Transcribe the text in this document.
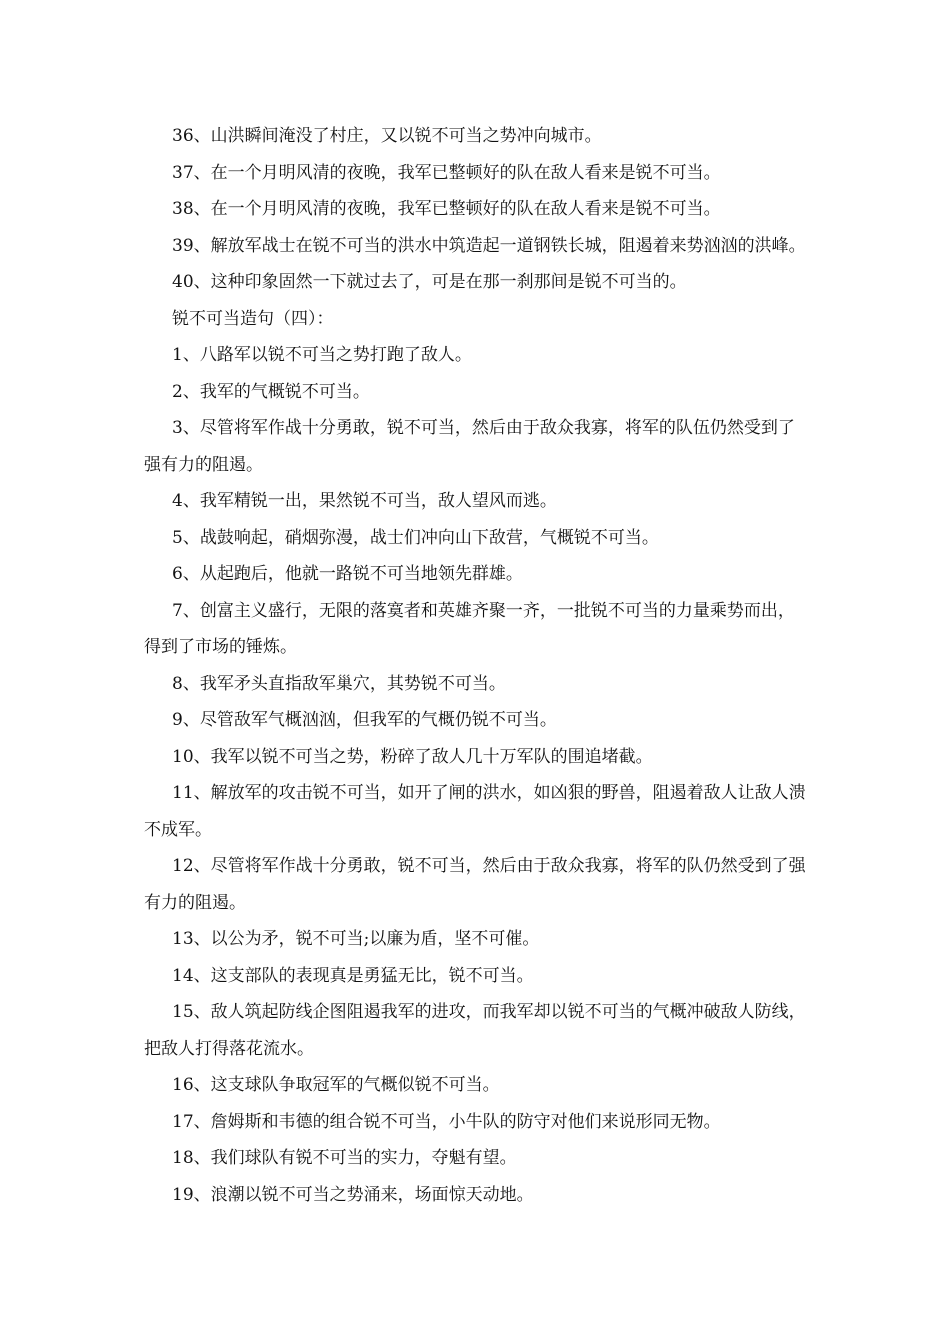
36、山洪瞬间淹没了村庄，又以锐不可当之势冲向城市。

37、在一个月明风清的夜晚，我军已整顿好的队在敌人看来是锐不可当。

38、在一个月明风清的夜晚，我军已整顿好的队在敌人看来是锐不可当。

39、解放军战士在锐不可当的洪水中筑造起一道钢铁长城，阻遏着来势汹汹的洪峰。

40、这种印象固然一下就过去了，可是在那一刹那间是锐不可当的。

锐不可当造句（四）：

1、八路军以锐不可当之势打跑了敌人。

2、我军的气概锐不可当。

3、尽管将军作战十分勇敢，锐不可当，然后由于敌众我寡，将军的队伍仍然受到了强有力的阻遏。

4、我军精锐一出，果然锐不可当，敌人望风而逃。

5、战鼓响起，硝烟弥漫，战士们冲向山下敌营，气概锐不可当。

6、从起跑后，他就一路锐不可当地领先群雄。

7、创富主义盛行，无限的落寞者和英雄齐聚一齐，一批锐不可当的力量乘势而出，得到了市场的锤炼。

8、我军矛头直指敌军巢穴，其势锐不可当。

9、尽管敌军气概汹汹，但我军的气概仍锐不可当。

10、我军以锐不可当之势，粉碎了敌人几十万军队的围追堵截。

11、解放军的攻击锐不可当，如开了闸的洪水，如凶狠的野兽，阻遏着敌人让敌人溃不成军。

12、尽管将军作战十分勇敢，锐不可当，然后由于敌众我寡，将军的队仍然受到了强有力的阻遏。

13、以公为矛，锐不可当;以廉为盾，坚不可催。

14、这支部队的表现真是勇猛无比，锐不可当。

15、敌人筑起防线企图阻遏我军的进攻，而我军却以锐不可当的气概冲破敌人防线，把敌人打得落花流水。

16、这支球队争取冠军的气概似锐不可当。

17、詹姆斯和韦德的组合锐不可当，小牛队的防守对他们来说形同无物。

18、我们球队有锐不可当的实力，夺魁有望。

19、浪潮以锐不可当之势涌来，场面惊天动地。
